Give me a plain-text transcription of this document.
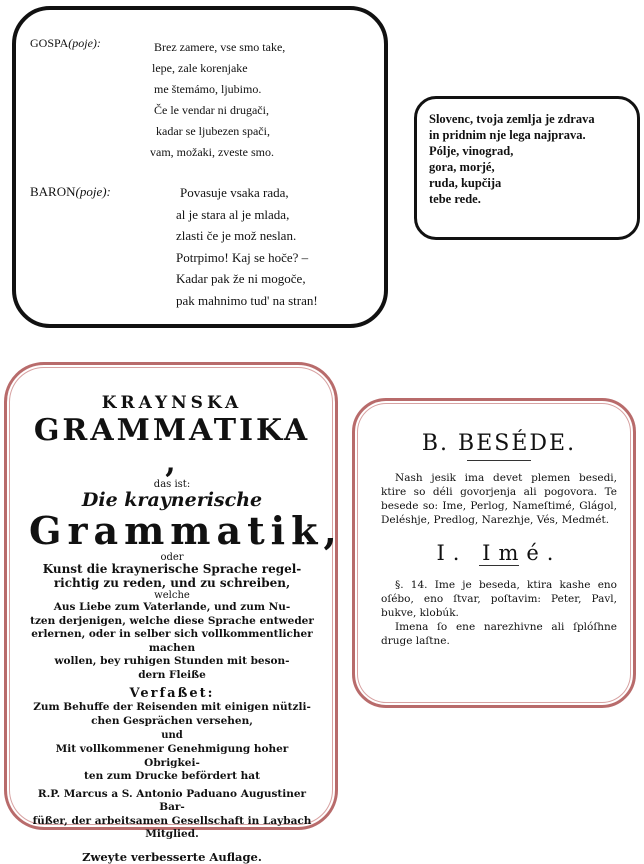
GOSPA(poje):	Brez zamere, vse smo take,
lepe, zale korenjake
me štemámo, ljubimo.
Če le vendar ni drugači,
kadar se ljubezen spači,
vam, možaki, zveste smo.
BARON(poje):	Povasuje vsaka rada,
al je stara al je mlada,
zlasti če je mož neslan.
Potrpimo! Kaj se hoče? –
Kadar pak že ni mogoče,
pak mahnimo tud' na stran!
Slovenc, tvoja zemlja je zdrava
in pridnim nje lega najprava.
Pólje, vinograd,
gora, morjé,
ruda, kupčija
tebe rede.
KRAYNSKA
GRAMMATIKA ,
das ist:
Die kraynerische
Grammatik,
oder
Kunst die kraynerische Sprache regel-
richtig zu reden, und zu schreiben,
welche
Aus Liebe zum Vaterlande, und zum Nu-
tzen derjenigen, welche diese Sprache entweder
erlernen, oder in selber sich vollkommentlicher machen
wollen, bey ruhigen Stunden mit beson-
dern Fleiße
Verfaßet:
Zum Behuffe der Reisenden mit einigen nützli-
chen Gesprächen versehen,
und
Mit vollkommener Genehmigung hoher Obrigkei-
ten zum Drucke befördert hat
R.P. Marcus a S. Antonio Paduano Augustiner Bar-
füßer, der arbeitsamen Gesellschaft in Laybach
Mitglied.
Zweyte verbesserte Auflage.
B. BESÉDE.

Nash jesik ima devet plemen besedi, ktire so déli govorjenja ali pogovora. Te besede so: Ime, Perlog, Nameſtimé, Glágol, Deléshje, Predlog, Narezhje, Vés, Medmét.

I. Imé.

§. 14. Ime je beseda, ktira kashe eno oſébo, eno ſtvar, poſtavim: Peter, Pavl, bukve, klobúk.

Imena ſo ene narezhivne ali ſplóſhne druge laſtne.
